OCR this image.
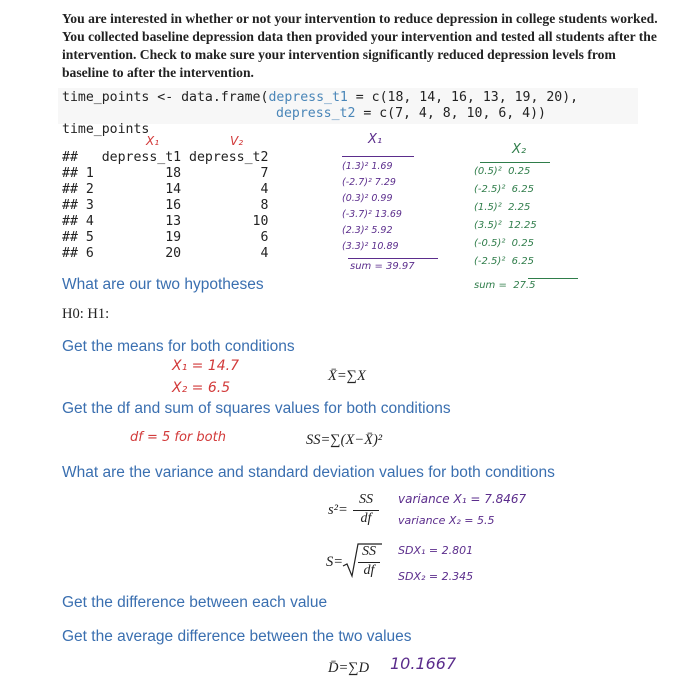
You are interested in whether or not your intervention to reduce depression in college students worked. You collected baseline depression data then provided your intervention and tested all students after the intervention. Check to make sure your intervention significantly reduced depression levels from baseline to after the intervention.
time_points <- data.frame(depress_t1 = c(18, 14, 16, 13, 19, 20),
depress_t2 = c(7, 4, 8, 10, 6, 4))
time_points
X₁	V₂
##   depress_t1 depress_t2
## 1         18          7
## 2         14          4
## 3         16          8
## 4         13         10
## 5         19          6
## 6         20          4
X₁
(1.3)² 1.69
(-2.7)² 7.29
(0.3)² 0.99
(-3.7)² 13.69
(2.3)² 5.92
(3.3)² 10.89
sum = 39.97
X₂
(0.5)²  0.25
(-2.5)²  6.25
(1.5)²  2.25
(3.5)²  12.25
(-0.5)²  0.25
(-2.5)²  6.25
sum =  27.5
What are our two hypotheses
H0: H1:
Get the means for both conditions
X₁ = 14.7
X₂ = 6.5
X̄=∑X
Get the df and sum of squares values for both conditions
df = 5 for both	SS=∑(X−X̄)²
What are the variance and standard deviation values for both conditions
s²=
SS
df
variance X₁ = 7.8467
variance X₂ = 5.5
S=
SS
df
SDX₁ = 2.801
SDX₂ = 2.345
Get the difference between each value
Get the average difference between the two values
D̄=∑D 10.1667
